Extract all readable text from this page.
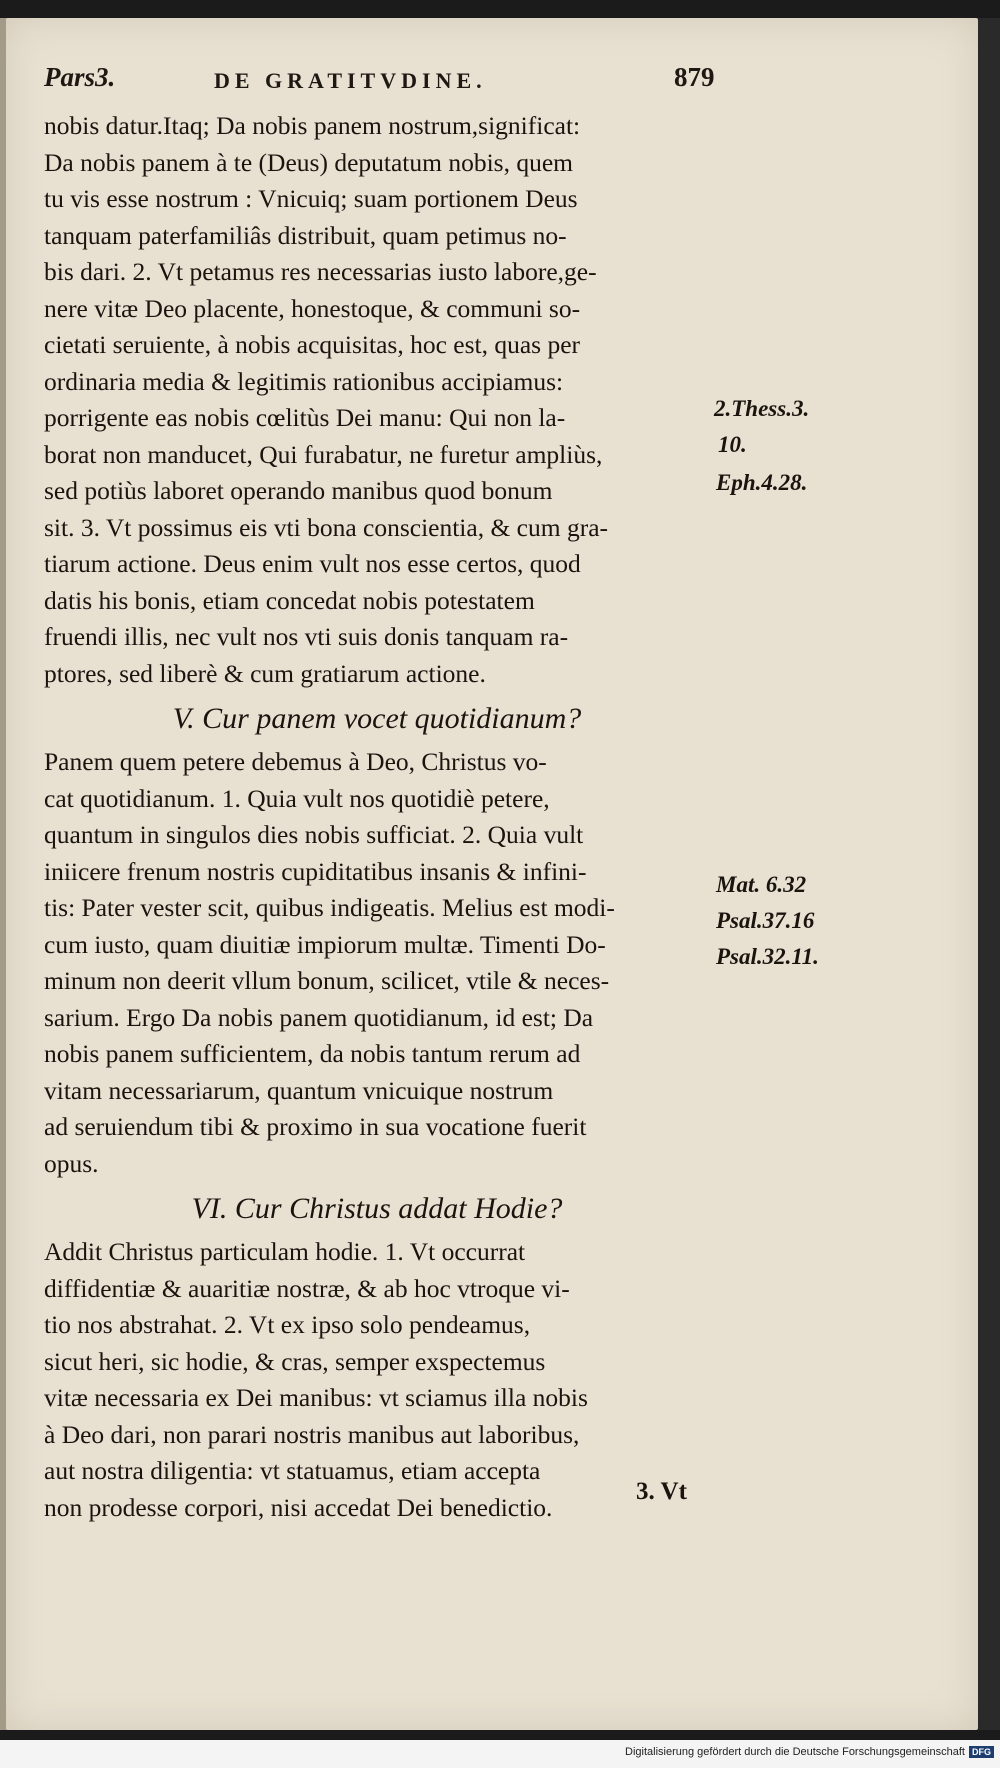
Pars3.	DE GRATITVDINE.	879
nobis datur.Itaq; Da nobis panem nostrum,significat:
Da nobis panem à te (Deus) deputatum nobis, quem
tu vis esse nostrum : Vnicuiq; suam portionem Deus
tanquam paterfamiliâs distribuit, quam petimus no-
bis dari. 2. Vt petamus res necessarias iusto labore,ge-
nere vitæ Deo placente, honestoque, & communi so-
cietati seruiente, à nobis acquisitas, hoc est, quas per
ordinaria media & legitimis rationibus accipiamus:
porrigente eas nobis cœlitùs Dei manu: Qui non la-
borat non manducet, Qui furabatur, ne furetur ampliùs,
sed potiùs laboret operando manibus quod bonum
sit. 3. Vt possimus eis vti bona conscientia, & cum gra-
tiarum actione. Deus enim vult nos esse certos, quod
datis his bonis, etiam concedat nobis potestatem
fruendi illis, nec vult nos vti suis donis tanquam ra-
ptores, sed liberè & cum gratiarum actione.
V. Cur panem vocet quotidianum?
Panem quem petere debemus à Deo, Christus vo-
cat quotidianum. 1. Quia vult nos quotidiè petere,
quantum in singulos dies nobis sufficiat. 2. Quia vult
iniicere frenum nostris cupiditatibus insanis & infini-
tis: Pater vester scit, quibus indigeatis. Melius est modi-
cum iusto, quam diuitiæ impiorum multæ. Timenti Do-
minum non deerit vllum bonum, scilicet, vtile & neces-
sarium. Ergo Da nobis panem quotidianum, id est; Da
nobis panem sufficientem, da nobis tantum rerum ad
vitam necessariarum, quantum vnicuique nostrum
ad seruiendum tibi & proximo in sua vocatione fuerit
opus.
VI. Cur Christus addat Hodie?
Addit Christus particulam hodie. 1. Vt occurrat
diffidentiæ & auaritiæ nostræ, & ab hoc vtroque vi-
tio nos abstrahat. 2. Vt ex ipso solo pendeamus,
sicut heri, sic hodie, & cras, semper exspectemus
vitæ necessaria ex Dei manibus: vt sciamus illa nobis
à Deo dari, non parari nostris manibus aut laboribus,
aut nostra diligentia: vt statuamus, etiam accepta
non prodesse corpori, nisi accedat Dei benedictio.
3. Vt
2.Thess.3.
10.
Eph.4.28.
Mat. 6.32
Psal.37.16
Psal.32.11.
Digitalisierung gefördert durch die Deutsche Forschungsgemeinschaft DFG
